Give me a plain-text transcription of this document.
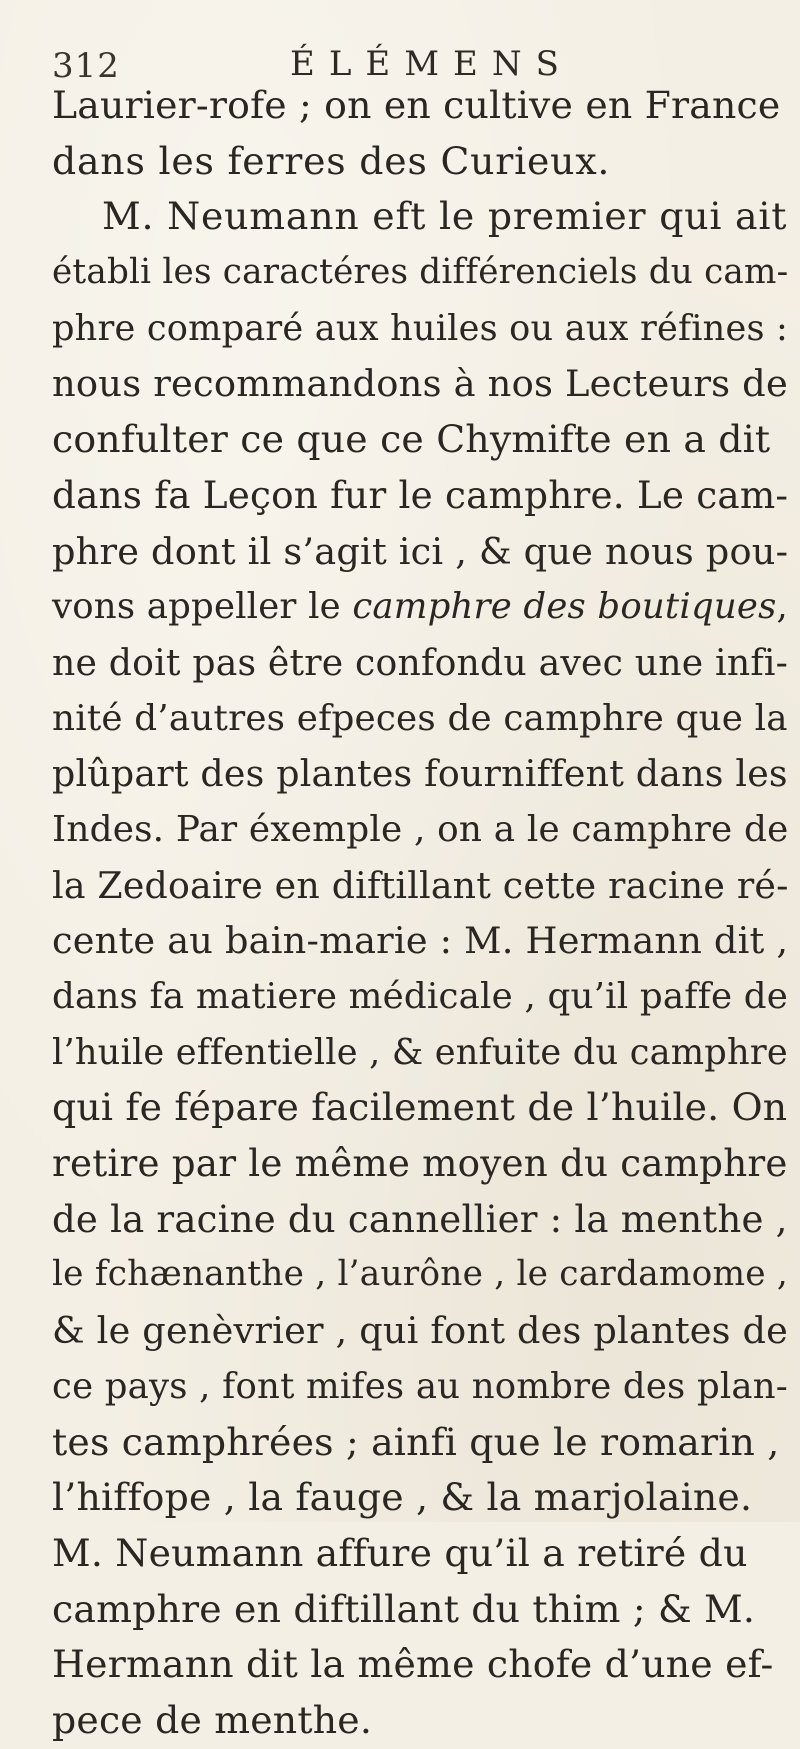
312	ÉLÉMENS
Laurier-rofe ; on en cultive en France
dans les ferres des Curieux.
M. Neumann eft le premier qui ait
établi les caractéres différenciels du cam-
phre comparé aux huiles ou aux réfines :
nous recommandons à nos Lecteurs de
confulter ce que ce Chymifte en a dit
dans fa Leçon fur le camphre. Le cam-
phre dont il s’agit ici , & que nous pou-
vons appeller le camphre des boutiques,
ne doit pas être confondu avec une infi-
nité d’autres efpeces de camphre que la
plûpart des plantes fourniffent dans les
Indes. Par éxemple , on a le camphre de
la Zedoaire en diftillant cette racine ré-
cente au bain-marie : M. Hermann dit ,
dans fa matiere médicale , qu’il paffe de
l’huile effentielle , & enfuite du camphre
qui fe fépare facilement de l’huile. On
retire par le même moyen du camphre
de la racine du cannellier : la menthe ,
le fchænanthe , l’aurône , le cardamome ,
& le genèvrier , qui font des plantes de
ce pays , font mifes au nombre des plan-
tes camphrées ; ainfi que le romarin ,
l’hiffope , la fauge , & la marjolaine.
M. Neumann affure qu’il a retiré du
camphre en diftillant du thim ; & M.
Hermann dit la même chofe d’une ef-
pece de menthe.
